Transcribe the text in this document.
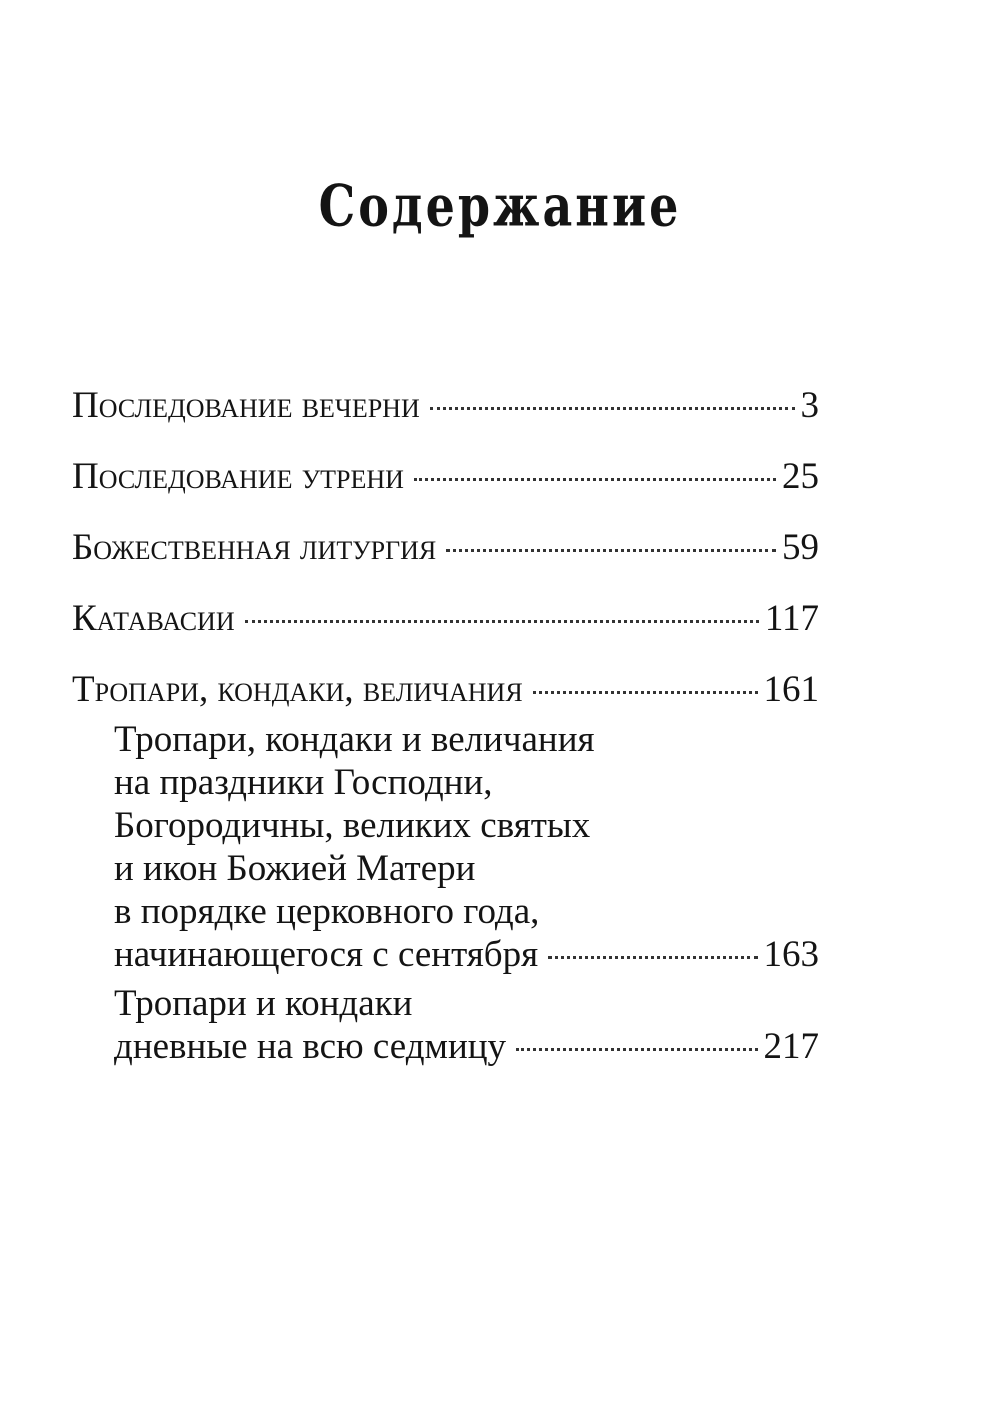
Содержание
Последование вечерни	3
Последование утрени	25
Божественная литургия	59
Катавасии	117
Тропари, кондаки, величания	161
Тропари, кондаки и величания
на праздники Господни,
Богородичны, великих святых
и икон Божией Матери
в порядке церковного года,
начинающегося с сентября	163
Тропари и кондаки
дневные на всю седмицу	217
